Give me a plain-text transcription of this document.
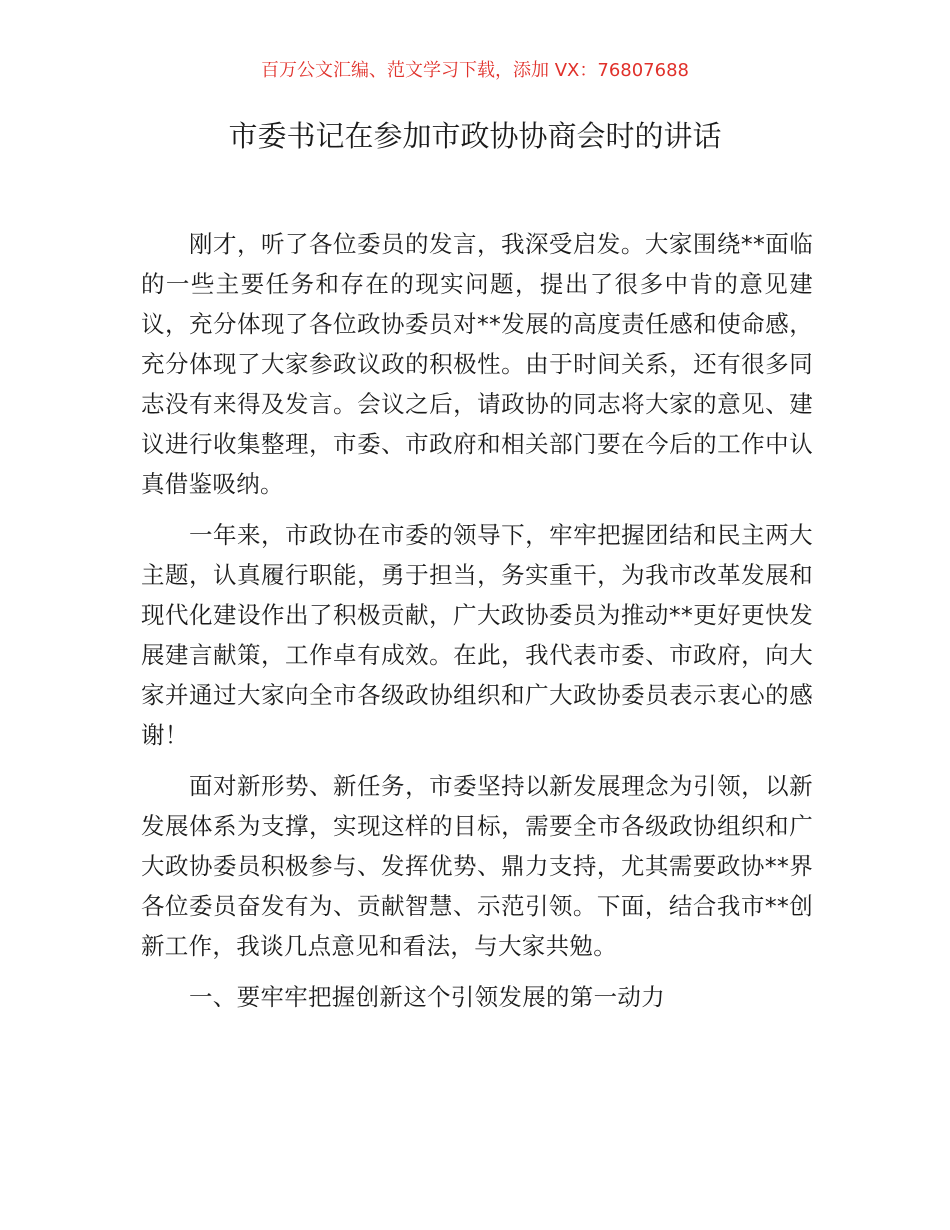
百万公文汇编、范文学习下载，添加 VX：76807688
市委书记在参加市政协协商会时的讲话

刚才，听了各位委员的发言，我深受启发。大家围绕**面临的一些主要任务和存在的现实问题，提出了很多中肯的意见建议，充分体现了各位政协委员对**发展的高度责任感和使命感，充分体现了大家参政议政的积极性。由于时间关系，还有很多同志没有来得及发言。会议之后，请政协的同志将大家的意见、建议进行收集整理，市委、市政府和相关部门要在今后的工作中认真借鉴吸纳。

一年来，市政协在市委的领导下，牢牢把握团结和民主两大主题，认真履行职能，勇于担当，务实重干，为我市改革发展和现代化建设作出了积极贡献，广大政协委员为推动**更好更快发展建言献策，工作卓有成效。在此，我代表市委、市政府，向大家并通过大家向全市各级政协组织和广大政协委员表示衷心的感谢！

面对新形势、新任务，市委坚持以新发展理念为引领，以新发展体系为支撑，实现这样的目标，需要全市各级政协组织和广大政协委员积极参与、发挥优势、鼎力支持，尤其需要政协**界各位委员奋发有为、贡献智慧、示范引领。下面，结合我市**创新工作，我谈几点意见和看法，与大家共勉。

一、要牢牢把握创新这个引领发展的第一动力
